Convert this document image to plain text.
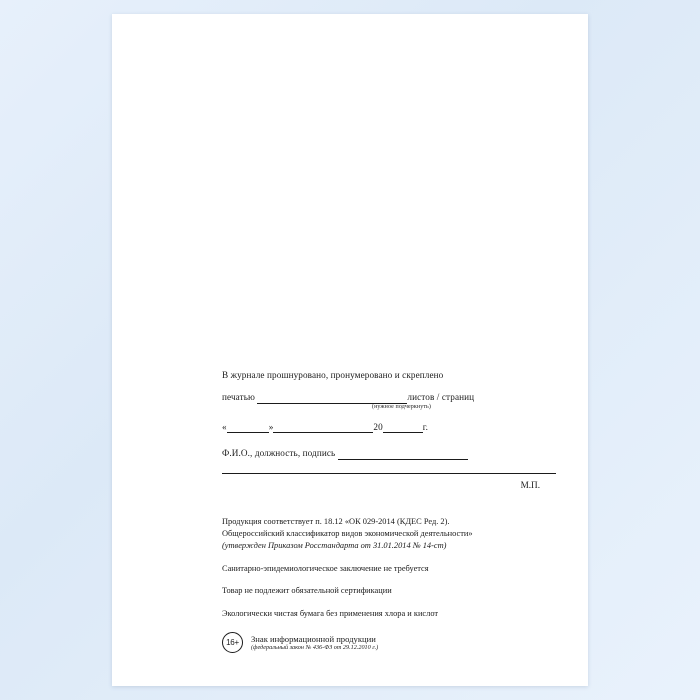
В журнале прошнуровано, пронумеровано и скреплено
печатью	листов / страниц
(нужное подчеркнуть)
«	»	20	г.
Ф.И.О., должность, подпись
М.П.
Продукция соответствует п. 18.12 «ОК 029-2014 (КДЕС Ред. 2).
Общероссийский классификатор видов экономической деятельности»
(утвержден Приказом Росстандарта от 31.01.2014 № 14-ст)
Санитарно-эпидемиологическое заключение не требуется
Товар не подлежит обязательной сертификации
Экологически чистая бумага без применения хлора и кислот
16+	Знак информационной продукции
(федеральный закон № 436-ФЗ от 29.12.2010 г.)
